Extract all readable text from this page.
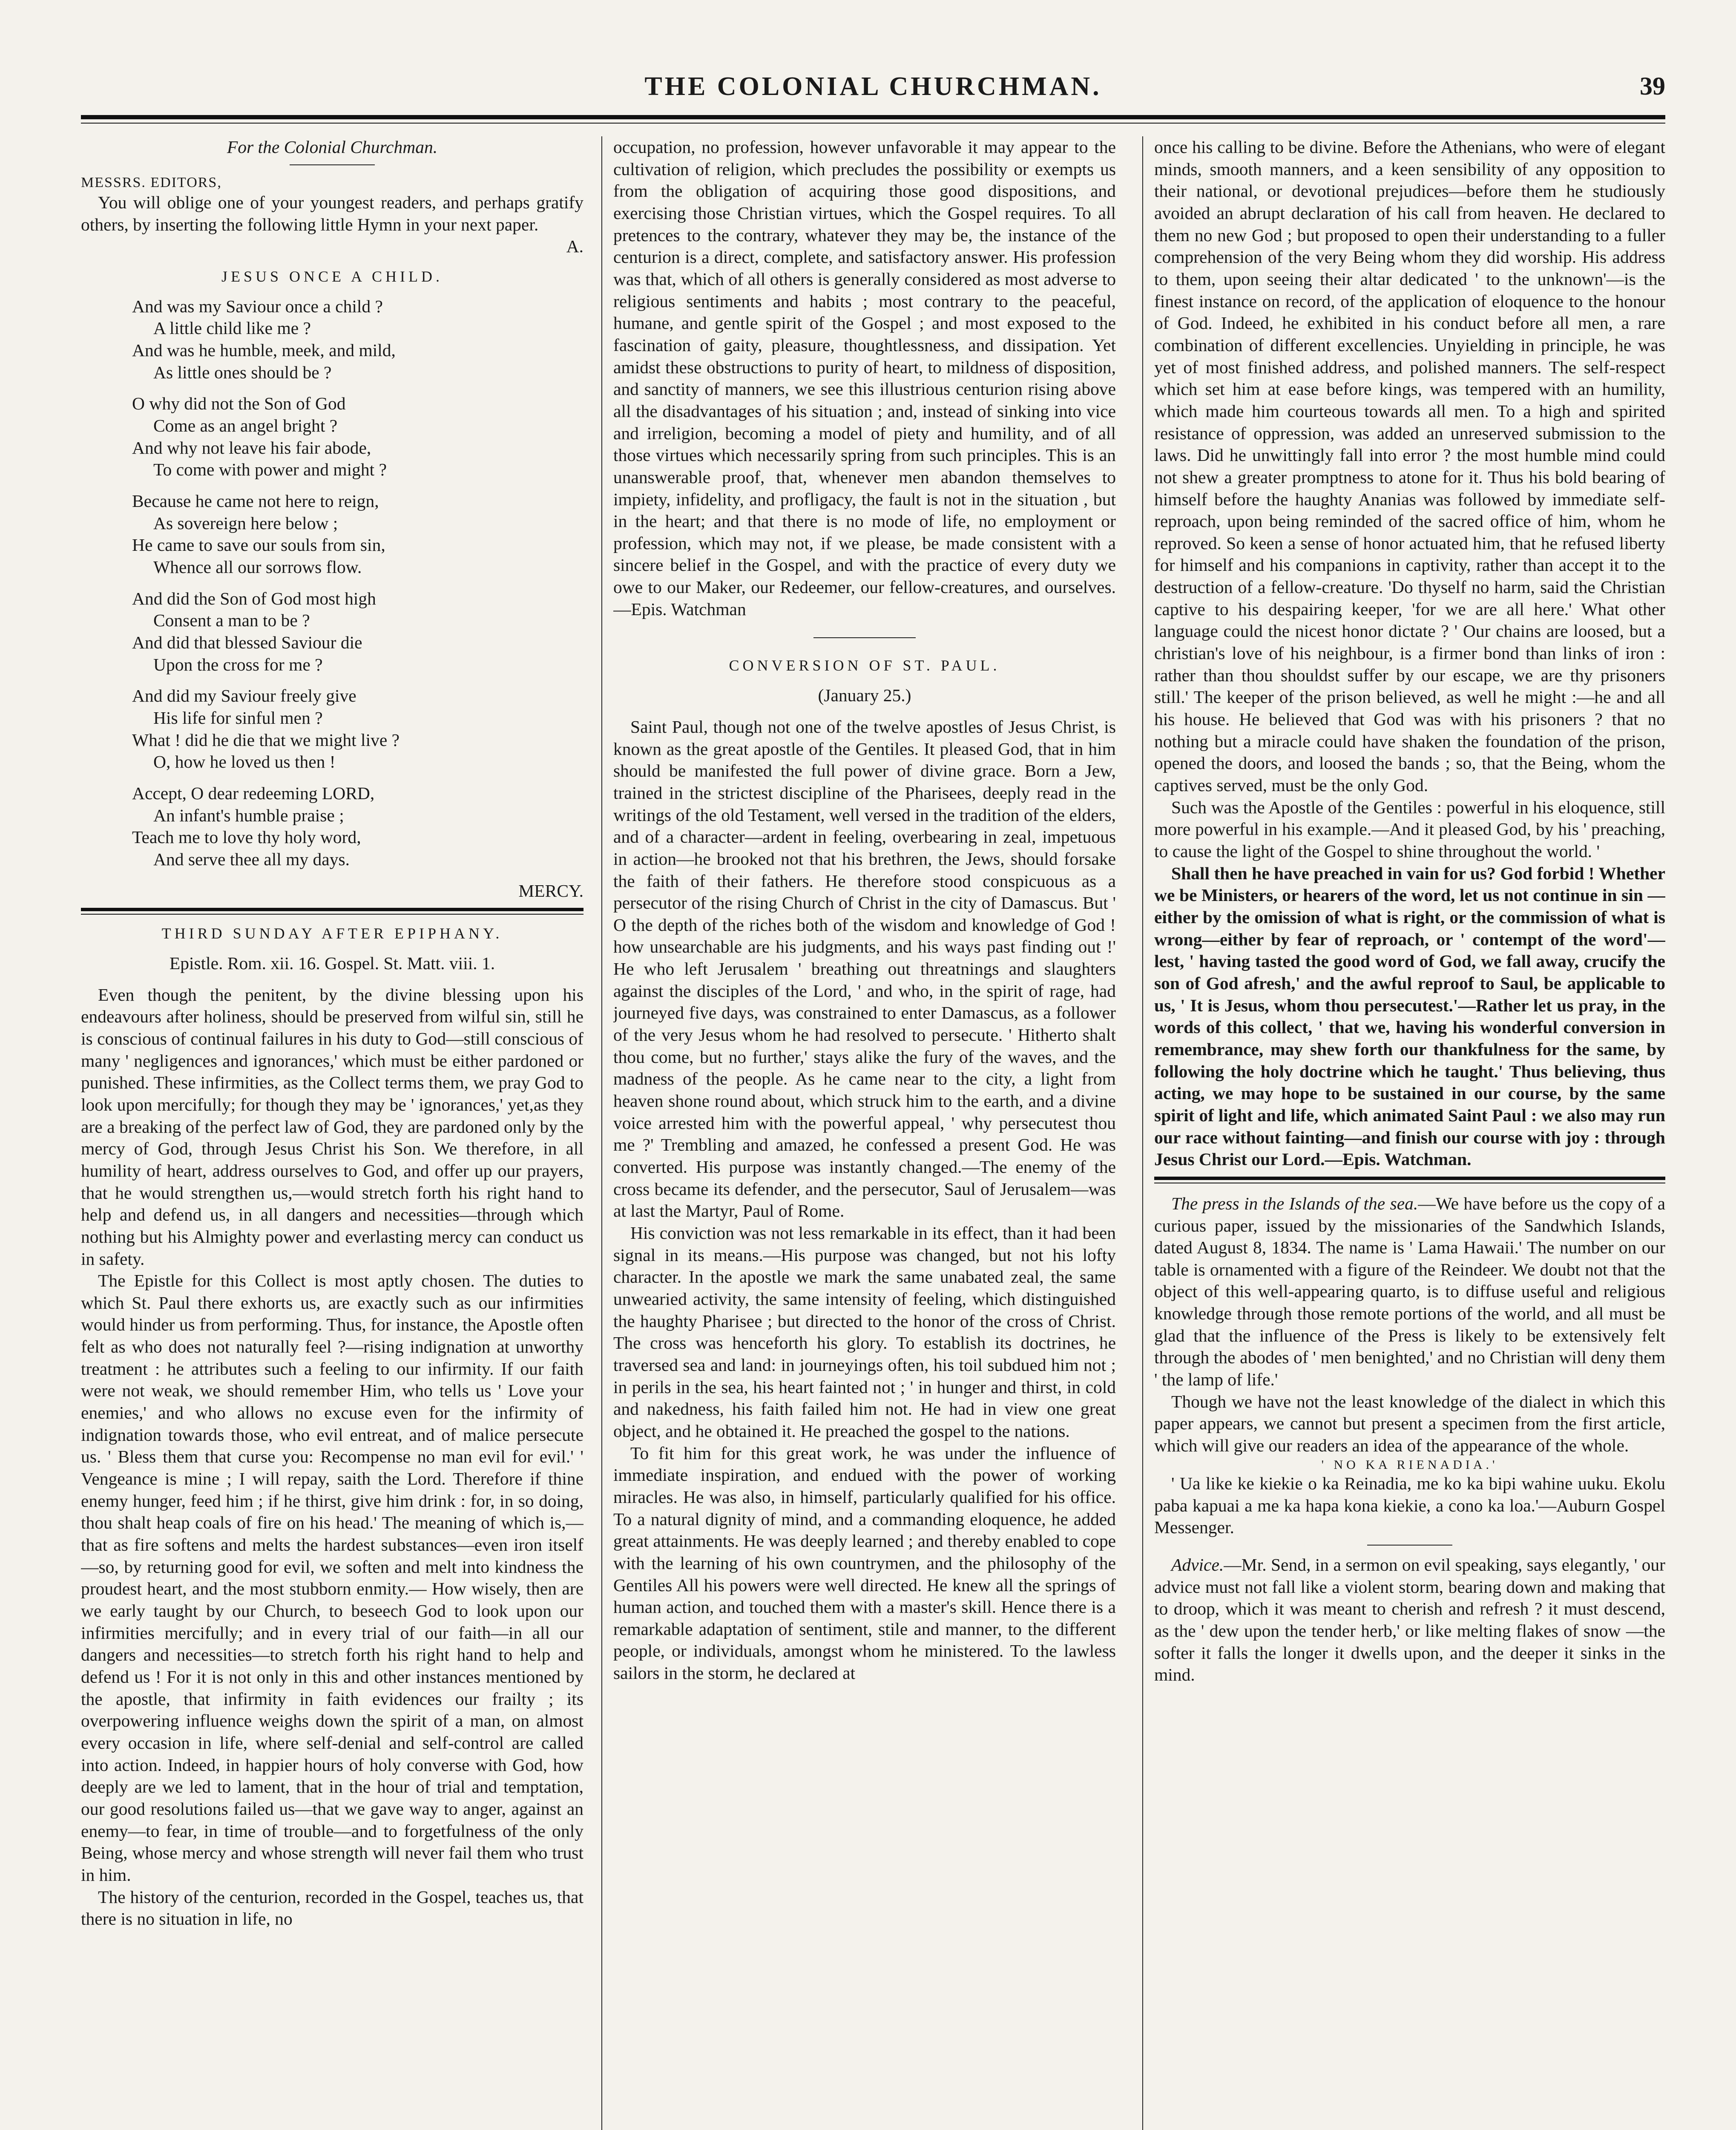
THE COLONIAL CHURCHMAN.	39

For the Colonial Churchman.

MESSRS. EDITORS,

You will oblige one of your youngest readers, and perhaps gratify others, by inserting the following little Hymn in your next paper.

A.

JESUS ONCE A CHILD.

And was my Saviour once a child ?
A little child like me ?
And was he humble, meek, and mild,
As little ones should be ?
O why did not the Son of God
Come as an angel bright ?
And why not leave his fair abode,
To come with power and might ?
Because he came not here to reign,
As sovereign here below ;
He came to save our souls from sin,
Whence all our sorrows flow.
And did the Son of God most high
Consent a man to be ?
And did that blessed Saviour die
Upon the cross for me ?
And did my Saviour freely give
His life for sinful men ?
What ! did he die that we might live ?
O, how he loved us then !
Accept, O dear redeeming LORD,
An infant's humble praise ;
Teach me to love thy holy word,
And serve thee all my days.

MERCY.

THIRD SUNDAY AFTER EPIPHANY.

Epistle. Rom. xii. 16. Gospel. St. Matt. viii. 1.

Even though the penitent, by the divine blessing upon his endeavours after holiness, should be preserved from wilful sin, still he is conscious of continual failures in his duty to God—still conscious of many ' negligences and ignorances,' which must be either pardoned or punished. These infirmities, as the Collect terms them, we pray God to look upon mercifully; for though they may be ' ignorances,' yet,as they are a breaking of the perfect law of God, they are pardoned only by the mercy of God, through Jesus Christ his Son. We therefore, in all humility of heart, address ourselves to God, and offer up our prayers, that he would strengthen us,—would stretch forth his right hand to help and defend us, in all dangers and necessities—through which nothing but his Almighty power and everlasting mercy can conduct us in safety.

The Epistle for this Collect is most aptly chosen. The duties to which St. Paul there exhorts us, are exactly such as our infirmities would hinder us from performing. Thus, for instance, the Apostle often felt as who does not naturally feel ?—rising indignation at unworthy treatment : he attributes such a feeling to our infirmity. If our faith were not weak, we should remember Him, who tells us ' Love your enemies,' and who allows no excuse even for the infirmity of indignation towards those, who evil entreat, and of malice persecute us. ' Bless them that curse you: Recompense no man evil for evil.' ' Vengeance is mine ; I will repay, saith the Lord. Therefore if thine enemy hunger, feed him ; if he thirst, give him drink : for, in so doing, thou shalt heap coals of fire on his head.' The meaning of which is,—that as fire softens and melts the hardest substances—even iron itself—so, by returning good for evil, we soften and melt into kindness the proudest heart, and the most stubborn enmity.— How wisely, then are we early taught by our Church, to beseech God to look upon our infirmities mercifully; and in every trial of our faith—in all our dangers and necessities—to stretch forth his right hand to help and defend us ! For it is not only in this and other instances mentioned by the apostle, that infirmity in faith evidences our frailty ; its overpowering influence weighs down the spirit of a man, on almost every occasion in life, where self-denial and self-control are called into action. Indeed, in happier hours of holy converse with God, how deeply are we led to lament, that in the hour of trial and temptation, our good resolutions failed us—that we gave way to anger, against an enemy—to fear, in time of trouble—and to forgetfulness of the only Being, whose mercy and whose strength will never fail them who trust in him.

The history of the centurion, recorded in the Gospel, teaches us, that there is no situation in life, no

occupation, no profession, however unfavorable it may appear to the cultivation of religion, which precludes the possibility or exempts us from the obligation of acquiring those good dispositions, and exercising those Christian virtues, which the Gospel requires. To all pretences to the contrary, whatever they may be, the instance of the centurion is a direct, complete, and satisfactory answer. His profession was that, which of all others is generally considered as most adverse to religious sentiments and habits ; most contrary to the peaceful, humane, and gentle spirit of the Gospel ; and most exposed to the fascination of gaity, pleasure, thoughtlessness, and dissipation. Yet amidst these obstructions to purity of heart, to mildness of disposition, and sanctity of manners, we see this illustrious centurion rising above all the disadvantages of his situation ; and, instead of sinking into vice and irreligion, becoming a model of piety and humility, and of all those virtues which necessarily spring from such principles. This is an unanswerable proof, that, whenever men abandon themselves to impiety, infidelity, and profligacy, the fault is not in the situation , but in the heart; and that there is no mode of life, no employment or profession, which may not, if we please, be made consistent with a sincere belief in the Gospel, and with the practice of every duty we owe to our Maker, our Redeemer, our fellow-creatures, and ourselves.—Epis. Watchman

CONVERSION OF ST. PAUL.

(January 25.)

Saint Paul, though not one of the twelve apostles of Jesus Christ, is known as the great apostle of the Gentiles. It pleased God, that in him should be manifested the full power of divine grace. Born a Jew, trained in the strictest discipline of the Pharisees, deeply read in the writings of the old Testament, well versed in the tradition of the elders, and of a character—ardent in feeling, overbearing in zeal, impetuous in action—he brooked not that his brethren, the Jews, should forsake the faith of their fathers. He therefore stood conspicuous as a persecutor of the rising Church of Christ in the city of Damascus. But ' O the depth of the riches both of the wisdom and knowledge of God ! how unsearchable are his judgments, and his ways past finding out !' He who left Jerusalem ' breathing out threatnings and slaughters against the disciples of the Lord, ' and who, in the spirit of rage, had journeyed five days, was constrained to enter Damascus, as a follower of the very Jesus whom he had resolved to persecute. ' Hitherto shalt thou come, but no further,' stays alike the fury of the waves, and the madness of the people. As he came near to the city, a light from heaven shone round about, which struck him to the earth, and a divine voice arrested him with the powerful appeal, ' why persecutest thou me ?' Trembling and amazed, he confessed a present God. He was converted. His purpose was instantly changed.—The enemy of the cross became its defender, and the persecutor, Saul of Jerusalem—was at last the Martyr, Paul of Rome.

His conviction was not less remarkable in its effect, than it had been signal in its means.—His purpose was changed, but not his lofty character. In the apostle we mark the same unabated zeal, the same unwearied activity, the same intensity of feeling, which distinguished the haughty Pharisee ; but directed to the honor of the cross of Christ. The cross was henceforth his glory. To establish its doctrines, he traversed sea and land: in journeyings often, his toil subdued him not ; in perils in the sea, his heart fainted not ; ' in hunger and thirst, in cold and nakedness, his faith failed him not. He had in view one great object, and he obtained it. He preached the gospel to the nations.

To fit him for this great work, he was under the influence of immediate inspiration, and endued with the power of working miracles. He was also, in himself, particularly qualified for his office. To a natural dignity of mind, and a commanding eloquence, he added great attainments. He was deeply learned ; and thereby enabled to cope with the learning of his own countrymen, and the philosophy of the Gentiles All his powers were well directed. He knew all the springs of human action, and touched them with a master's skill. Hence there is a remarkable adaptation of sentiment, stile and manner, to the different people, or individuals, amongst whom he ministered. To the lawless sailors in the storm, he declared at

once his calling to be divine. Before the Athenians, who were of elegant minds, smooth manners, and a keen sensibility of any opposition to their national, or devotional prejudices—before them he studiously avoided an abrupt declaration of his call from heaven. He declared to them no new God ; but proposed to open their understanding to a fuller comprehension of the very Being whom they did worship. His address to them, upon seeing their altar dedicated ' to the unknown'—is the finest instance on record, of the application of eloquence to the honour of God. Indeed, he exhibited in his conduct before all men, a rare combination of different excellencies. Unyielding in principle, he was yet of most finished address, and polished manners. The self-respect which set him at ease before kings, was tempered with an humility, which made him courteous towards all men. To a high and spirited resistance of oppression, was added an unreserved submission to the laws. Did he unwittingly fall into error ? the most humble mind could not shew a greater promptness to atone for it. Thus his bold bearing of himself before the haughty Ananias was followed by immediate self-reproach, upon being reminded of the sacred office of him, whom he reproved. So keen a sense of honor actuated him, that he refused liberty for himself and his companions in captivity, rather than accept it to the destruction of a fellow-creature. 'Do thyself no harm, said the Christian captive to his despairing keeper, 'for we are all here.' What other language could the nicest honor dictate ? ' Our chains are loosed, but a christian's love of his neighbour, is a firmer bond than links of iron : rather than thou shouldst suffer by our escape, we are thy prisoners still.' The keeper of the prison believed, as well he might :—he and all his house. He believed that God was with his prisoners ? that no nothing but a miracle could have shaken the foundation of the prison, opened the doors, and loosed the bands ; so, that the Being, whom the captives served, must be the only God.

Such was the Apostle of the Gentiles : powerful in his eloquence, still more powerful in his example.—And it pleased God, by his ' preaching, to cause the light of the Gospel to shine throughout the world. '

Shall then he have preached in vain for us? God forbid ! Whether we be Ministers, or hearers of the word, let us not continue in sin —either by the omission of what is right, or the commission of what is wrong—either by fear of reproach, or ' contempt of the word'—lest, ' having tasted the good word of God, we fall away, crucify the son of God afresh,' and the awful reproof to Saul, be applicable to us, ' It is Jesus, whom thou persecutest.'—Rather let us pray, in the words of this collect, ' that we, having his wonderful conversion in remembrance, may shew forth our thankfulness for the same, by following the holy doctrine which he taught.' Thus believing, thus acting, we may hope to be sustained in our course, by the same spirit of light and life, which animated Saint Paul : we also may run our race without fainting—and finish our course with joy : through Jesus Christ our Lord.—Epis. Watchman.

The press in the Islands of the sea.—We have before us the copy of a curious paper, issued by the missionaries of the Sandwhich Islands, dated August 8, 1834. The name is ' Lama Hawaii.' The number on our table is ornamented with a figure of the Reindeer. We doubt not that the object of this well-appearing quarto, is to diffuse useful and religious knowledge through those remote portions of the world, and all must be glad that the influence of the Press is likely to be extensively felt through the abodes of ' men benighted,' and no Christian will deny them ' the lamp of life.'

Though we have not the least knowledge of the dialect in which this paper appears, we cannot but present a specimen from the first article, which will give our readers an idea of the appearance of the whole.

' NO KA RIENADIA.'

' Ua like ke kiekie o ka Reinadia, me ko ka bipi wahine uuku. Ekolu paba kapuai a me ka hapa kona kiekie, a cono ka loa.'—Auburn Gospel Messenger.

Advice.—Mr. Send, in a sermon on evil speaking, says elegantly, ' our advice must not fall like a violent storm, bearing down and making that to droop, which it was meant to cherish and refresh ? it must descend, as the ' dew upon the tender herb,' or like melting flakes of snow —the softer it falls the longer it dwells upon, and the deeper it sinks in the mind.
